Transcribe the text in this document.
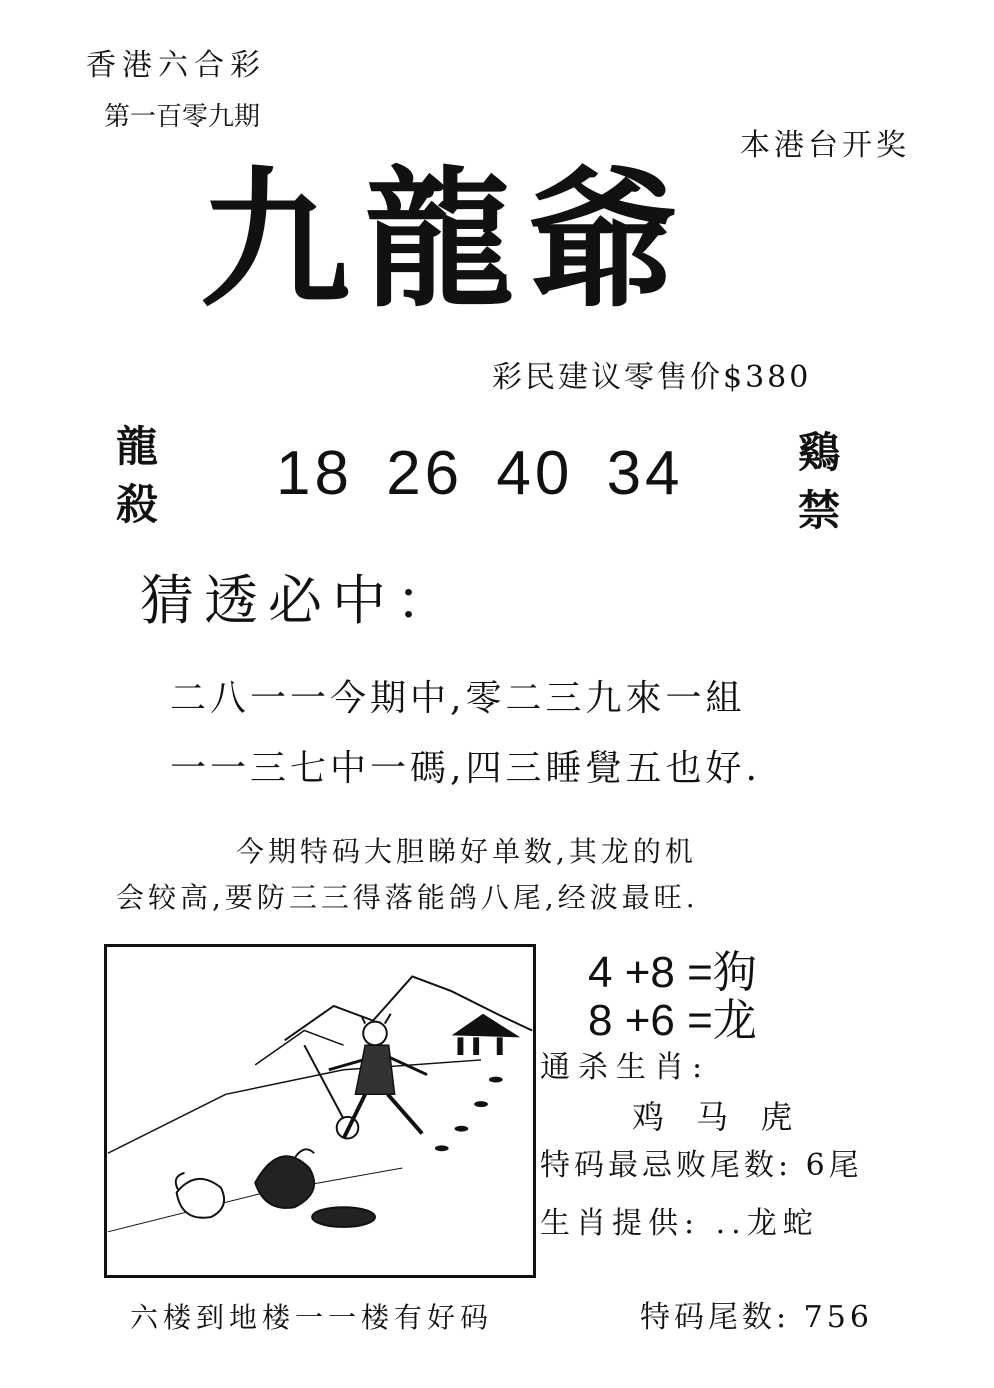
香港六合彩
第一百零九期
本港台开奖
九龍爺
彩民建议零售价$380
龍
殺 18 26 40 34	鷄
禁
猜透必中：
二八一一今期中,零二三九來一組
一一三七中一碼,四三睡覺五也好.
今期特码大胆睇好单数,其龙的机
会较高,要防三三得落能鸽八尾,经波最旺.
4 +8 =狗
8 +6 =龙
通杀生肖:
鸡 马 虎
特码最忌败尾数: 6尾
生肖提供: ..龙蛇
六楼到地楼一一楼有好码	特码尾数: 756
